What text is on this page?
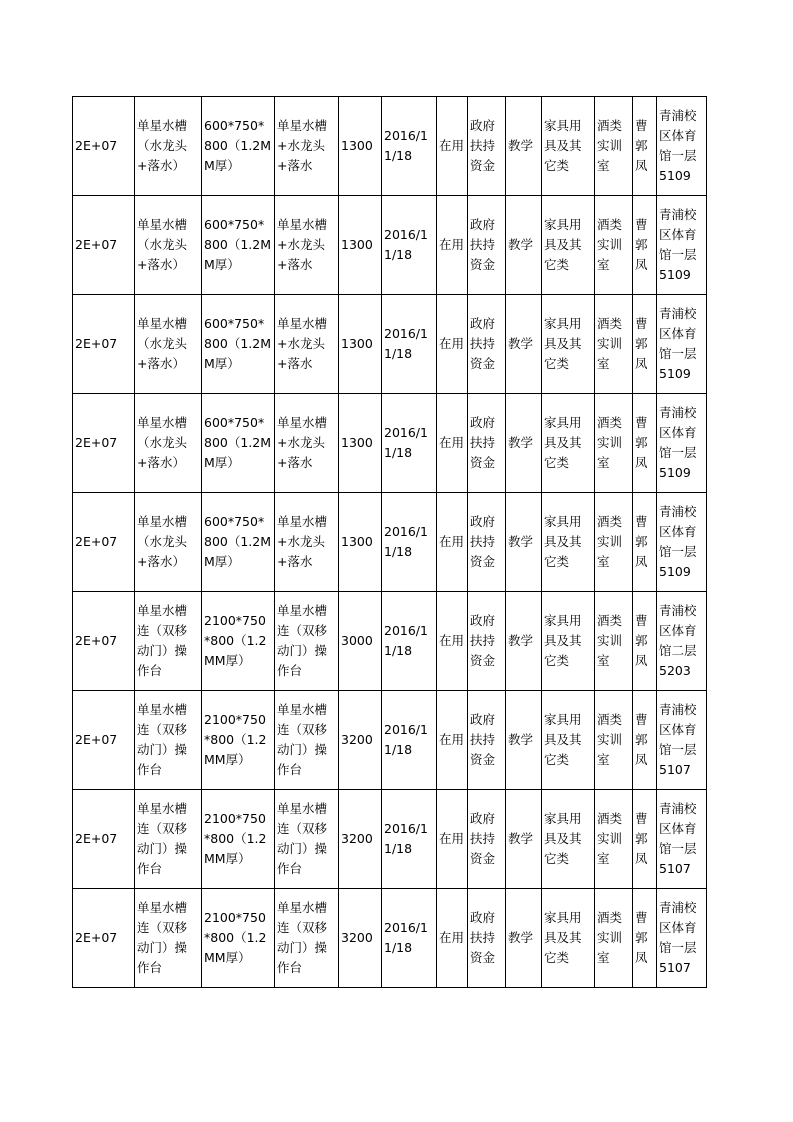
2E+07	单星水槽（水龙头+落水）	600*750*800（1.2MM厚）	单星水槽+水龙头+落水	1300	2016/11/18	在用	政府扶持资金	教学	家具用具及其它类	酒类实训室	曹郭凤	青浦校区体育馆一层5109
2E+07	单星水槽（水龙头+落水）	600*750*800（1.2MM厚）	单星水槽+水龙头+落水	1300	2016/11/18	在用	政府扶持资金	教学	家具用具及其它类	酒类实训室	曹郭凤	青浦校区体育馆一层5109
2E+07	单星水槽（水龙头+落水）	600*750*800（1.2MM厚）	单星水槽+水龙头+落水	1300	2016/11/18	在用	政府扶持资金	教学	家具用具及其它类	酒类实训室	曹郭凤	青浦校区体育馆一层5109
2E+07	单星水槽（水龙头+落水）	600*750*800（1.2MM厚）	单星水槽+水龙头+落水	1300	2016/11/18	在用	政府扶持资金	教学	家具用具及其它类	酒类实训室	曹郭凤	青浦校区体育馆一层5109
2E+07	单星水槽（水龙头+落水）	600*750*800（1.2MM厚）	单星水槽+水龙头+落水	1300	2016/11/18	在用	政府扶持资金	教学	家具用具及其它类	酒类实训室	曹郭凤	青浦校区体育馆一层5109
2E+07	单星水槽连（双移动门）操作台	2100*750*800（1.2MM厚）	单星水槽连（双移动门）操作台	3000	2016/11/18	在用	政府扶持资金	教学	家具用具及其它类	酒类实训室	曹郭凤	青浦校区体育馆二层5203
2E+07	单星水槽连（双移动门）操作台	2100*750*800（1.2MM厚）	单星水槽连（双移动门）操作台	3200	2016/11/18	在用	政府扶持资金	教学	家具用具及其它类	酒类实训室	曹郭凤	青浦校区体育馆一层5107
2E+07	单星水槽连（双移动门）操作台	2100*750*800（1.2MM厚）	单星水槽连（双移动门）操作台	3200	2016/11/18	在用	政府扶持资金	教学	家具用具及其它类	酒类实训室	曹郭凤	青浦校区体育馆一层5107
2E+07	单星水槽连（双移动门）操作台	2100*750*800（1.2MM厚）	单星水槽连（双移动门）操作台	3200	2016/11/18	在用	政府扶持资金	教学	家具用具及其它类	酒类实训室	曹郭凤	青浦校区体育馆一层5107
